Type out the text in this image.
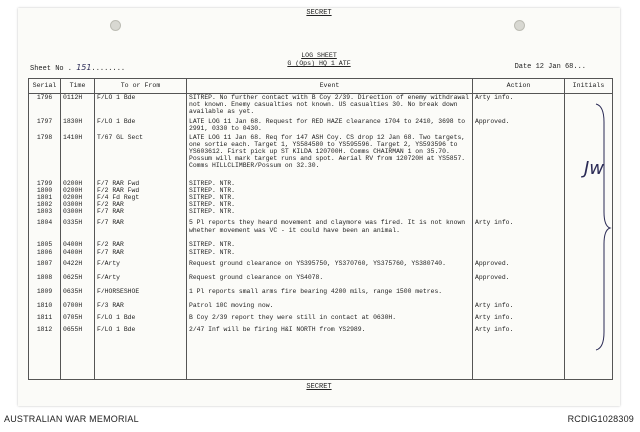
SECRET
LOG SHEET
G (Ops) HQ 1 ATF
Sheet No . 151........	Date 12 Jan 68...
Serial	Time	To or From	Event	Action	Initials
1796	0112H	F/LO 1 Bde	SITREP. No further contact with B Coy 2/39. Direction of enemy withdrawal not known. Enemy casualties not known. US casualties 30. No break down available as yet.	Arty info.	
1797	1830H	F/LO 1 Bde	LATE LOG 11 Jan 68. Request for RED HAZE clearance 1704 to 2410, 3698 to 2991, 0330 to 0430.	Approved.	
1798	1410H	T/67 GL Sect	LATE LOG 11 Jan 68. Req for 147 ASH Coy. CS drop 12 Jan 68. Two targets, one sortie each. Target 1, YS584580 to YS595596. Target 2, YS593596 to YS603612. First pick up ST KILDA 120700H. Comms CHAIRMAN 1 on 35.70. Possum will mark target runs and spot. Aerial RV from 120720H at YS5857. Comms HILLCLIMBER/Possum on 32.30.		
1799	0200H	F/7 RAR Fwd	SITREP. NTR.		
1800	0200H	F/2 RAR Fwd	SITREP. NTR.		
1801	0200H	F/4 Fd Regt	SITREP. NTR.		
1802	0300H	F/2 RAR	SITREP. NTR.		
1803	0300H	F/7 RAR	SITREP. NTR.		
1804	0335H	F/7 RAR	5 Pl reports they heard movement and claymore was fired. It is not known whether movement was VC - it could have been an animal.	Arty info.	
1805	0400H	F/2 RAR	SITREP. NTR.		
1806	0400H	F/7 RAR	SITREP. NTR.		
1807	0422H	F/Arty	Request ground clearance on YS395750, YS370760, YS375760, YS380740.	Approved.	
1808	0625H	F/Arty	Request ground clearance on YS4078.	Approved.	
1809	0635H	F/HORSESHOE	1 Pl reports small arms fire bearing 4200 mils, range 1500 metres.		
1810	0700H	F/3 RAR	Patrol 10C moving now.	Arty info.	
1811	0705H	F/LO 1 Bde	B Coy 2/39 report they were still in contact at 0630H.	Arty info.	
1812	0655H	F/LO 1 Bde	2/47 Inf will be firing H&I NORTH from YS2989.	Arty info.	

Jw
SECRET
AUSTRALIAN WAR MEMORIAL	RCDIG1028309
